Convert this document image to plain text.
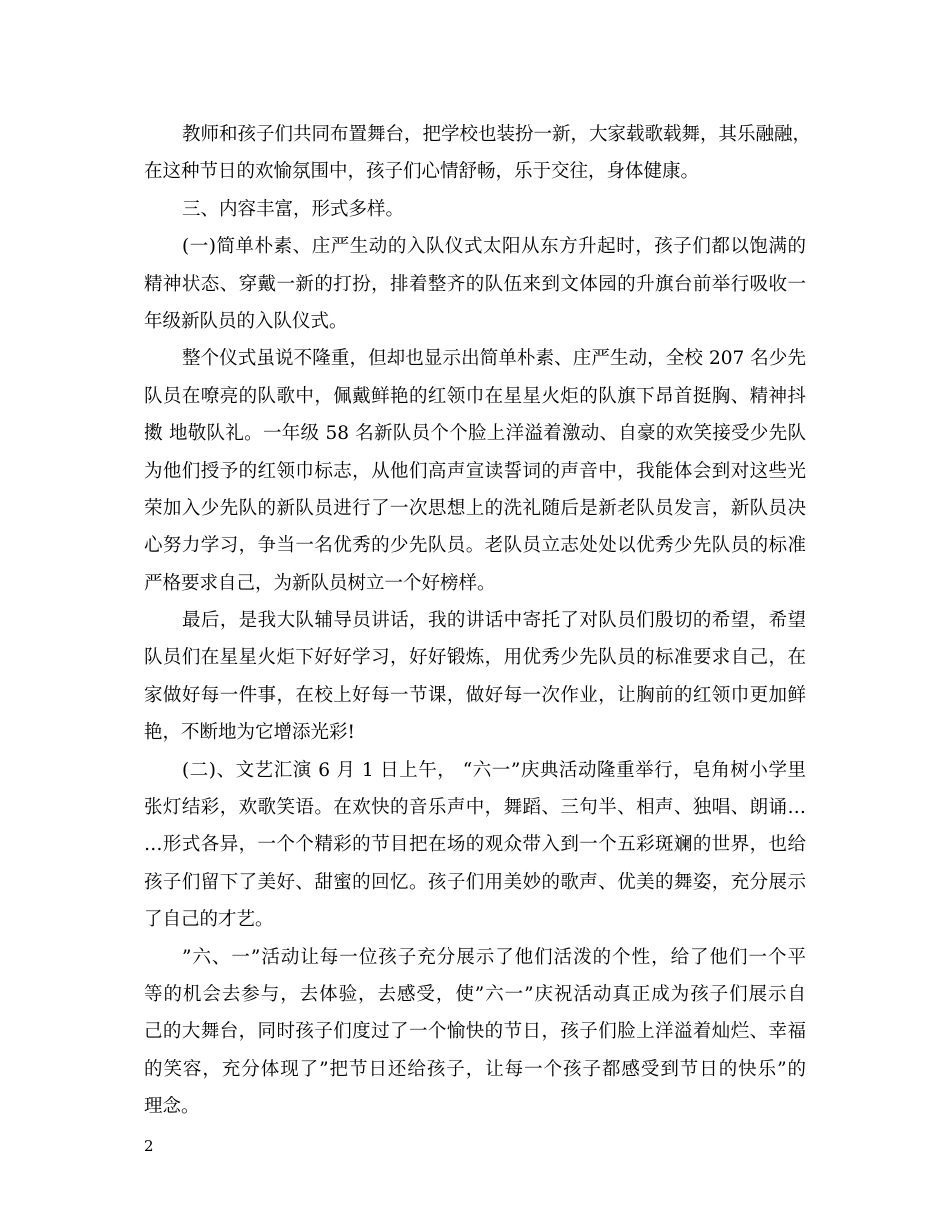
教师和孩子们共同布置舞台，把学校也装扮一新，大家载歌载舞，其乐融融，
在这种节日的欢愉氛围中，孩子们心情舒畅，乐于交往，身体健康。
三、内容丰富，形式多样。
(一)简单朴素、庄严生动的入队仪式太阳从东方升起时，孩子们都以饱满的
精神状态、穿戴一新的打扮，排着整齐的队伍来到文体园的升旗台前举行吸收一
年级新队员的入队仪式。
整个仪式虽说不隆重，但却也显示出简单朴素、庄严生动，全校 207 名少先
队员在嘹亮的队歌中，佩戴鲜艳的红领巾在星星火炬的队旗下昂首挺胸、精神抖
擞 地敬队礼。一年级 58 名新队员个个脸上洋溢着激动、自豪的欢笑接受少先队
为他们授予的红领巾标志，从他们高声宣读誓词的声音中，我能体会到对这些光
荣加入少先队的新队员进行了一次思想上的洗礼随后是新老队员发言，新队员决
心努力学习，争当一名优秀的少先队员。老队员立志处处以优秀少先队员的标准
严格要求自己，为新队员树立一个好榜样。
最后，是我大队辅导员讲话，我的讲话中寄托了对队员们殷切的希望，希望
队员们在星星火炬下好好学习，好好锻炼，用优秀少先队员的标准要求自己，在
家做好每一件事，在校上好每一节课，做好每一次作业，让胸前的红领巾更加鲜
艳，不断地为它增添光彩!
(二)、文艺汇演 6 月 1 日上午， “六一”庆典活动隆重举行，皂角树小学里
张灯结彩，欢歌笑语。在欢快的音乐声中，舞蹈、三句半、相声、独唱、朗诵…
…形式各异，一个个精彩的节目把在场的观众带入到一个五彩斑斓的世界，也给
孩子们留下了美好、甜蜜的回忆。孩子们用美妙的歌声、优美的舞姿，充分展示
了自己的才艺。
”六、一”活动让每一位孩子充分展示了他们活泼的个性，给了他们一个平
等的机会去参与，去体验，去感受，使”六一”庆祝活动真正成为孩子们展示自
己的大舞台，同时孩子们度过了一个愉快的节日，孩子们脸上洋溢着灿烂、幸福
的笑容，充分体现了”把节日还给孩子，让每一个孩子都感受到节日的快乐”的
理念。
2
